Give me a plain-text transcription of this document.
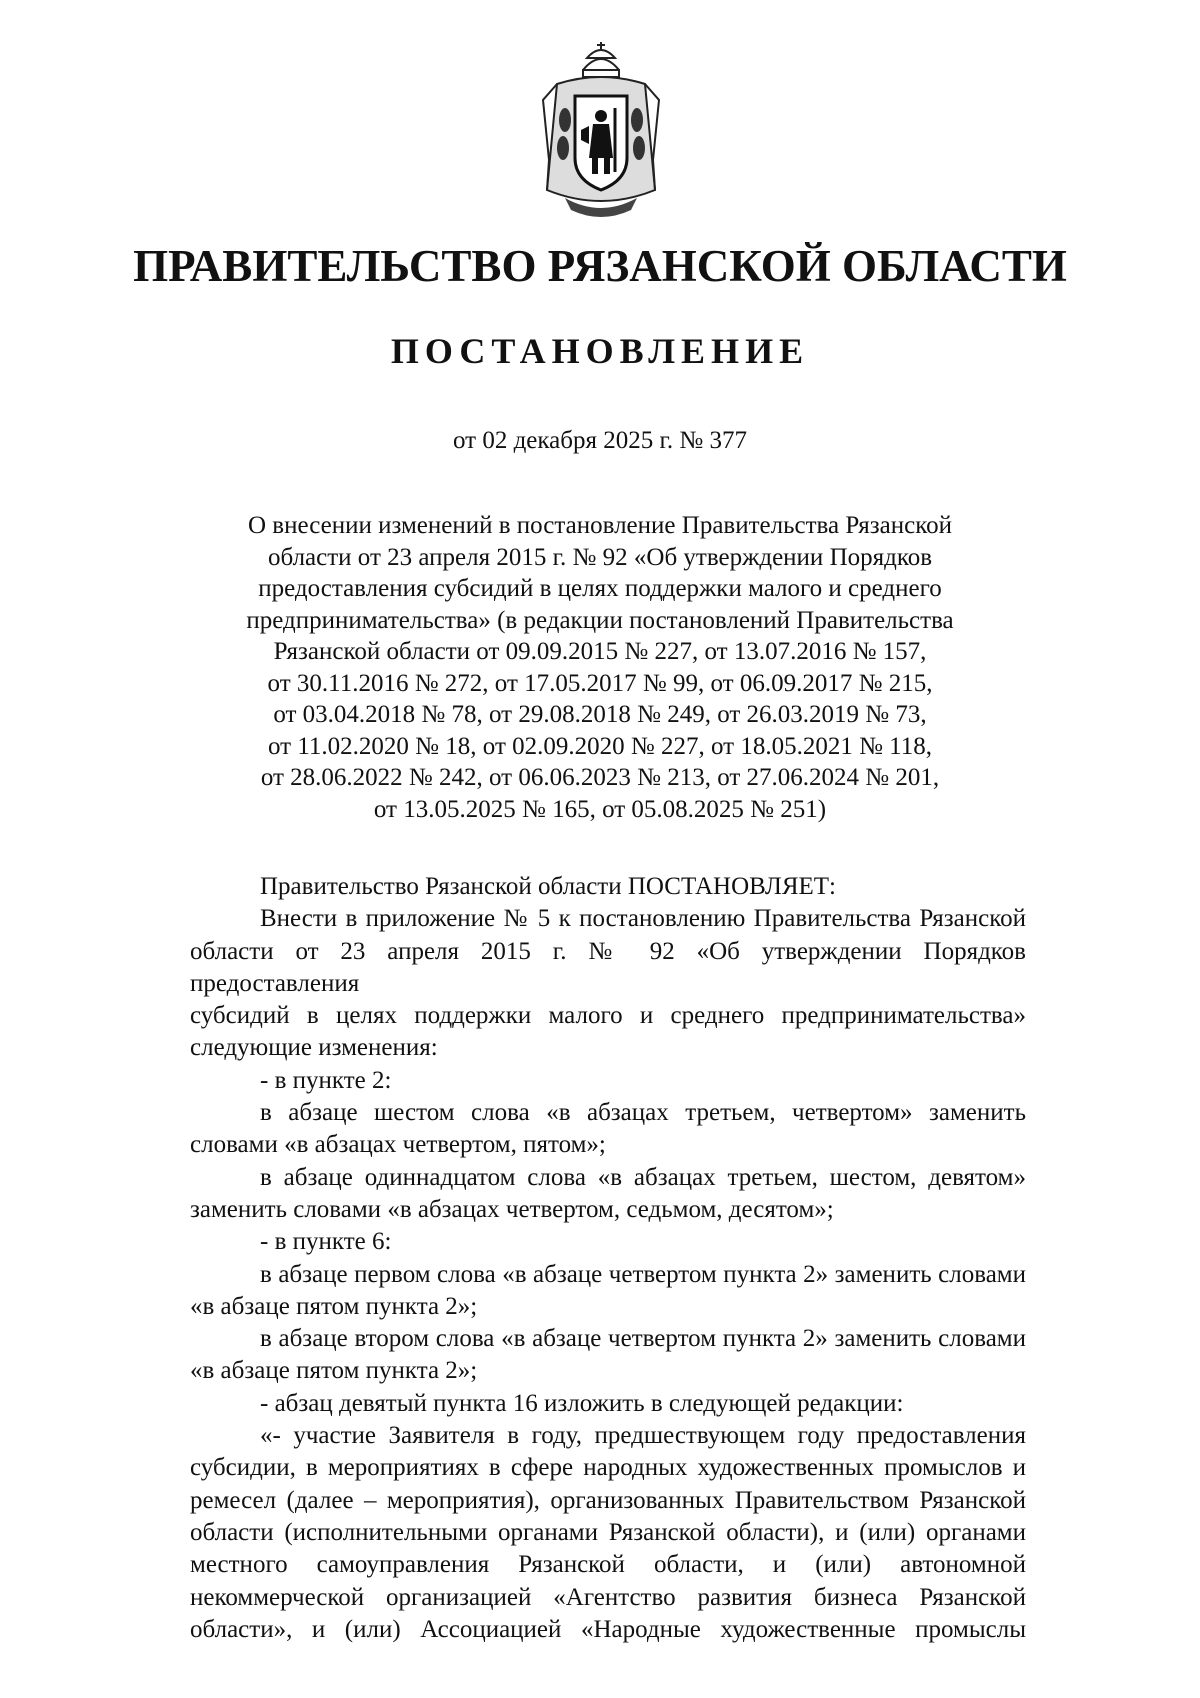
ПРАВИТЕЛЬСТВО РЯЗАНСКОЙ ОБЛАСТИ
ПОСТАНОВЛЕНИЕ
от 02 декабря 2025 г. № 377
О внесении изменений в постановление Правительства Рязанской
области от 23 апреля 2015 г. № 92 «Об утверждении Порядков
предоставления субсидий в целях поддержки малого и среднего
предпринимательства» (в редакции постановлений Правительства
Рязанской области от 09.09.2015 № 227, от 13.07.2016 № 157,
от 30.11.2016 № 272, от 17.05.2017 № 99, от 06.09.2017 № 215,
от 03.04.2018 № 78, от 29.08.2018 № 249, от 26.03.2019 № 73,
от 11.02.2020 № 18, от 02.09.2020 № 227, от 18.05.2021 № 118,
от 28.06.2022 № 242, от 06.06.2023 № 213, от 27.06.2024 № 201,
от 13.05.2025 № 165, от 05.08.2025 № 251)

Правительство Рязанской области ПОСТАНОВЛЯЕТ:

Внести в приложение № 5 к постановлению Правительства Рязанской

области от 23 апреля 2015 г. № 92 «Об утверждении Порядков предоставления

субсидий в целях поддержки малого и среднего предпринимательства»

следующие изменения:

- в пункте 2:

в абзаце шестом слова «в абзацах третьем, четвертом» заменить

словами «в абзацах четвертом, пятом»;

в абзаце одиннадцатом слова «в абзацах третьем, шестом, девятом»

заменить словами «в абзацах четвертом, седьмом, десятом»;

- в пункте 6:

в абзаце первом слова «в абзаце четвертом пункта 2» заменить словами

«в абзаце пятом пункта 2»;

в абзаце втором слова «в абзаце четвертом пункта 2» заменить словами

«в абзаце пятом пункта 2»;

- абзац девятый пункта 16 изложить в следующей редакции:

«- участие Заявителя в году, предшествующем году предоставления

субсидии, в мероприятиях в сфере народных художественных промыслов и

ремесел (далее – мероприятия), организованных Правительством Рязанской

области (исполнительными органами Рязанской области), и (или) органами

местного самоуправления Рязанской области, и (или) автономной

некоммерческой организацией «Агентство развития бизнеса Рязанской

области», и (или) Ассоциацией «Народные художественные промыслы
